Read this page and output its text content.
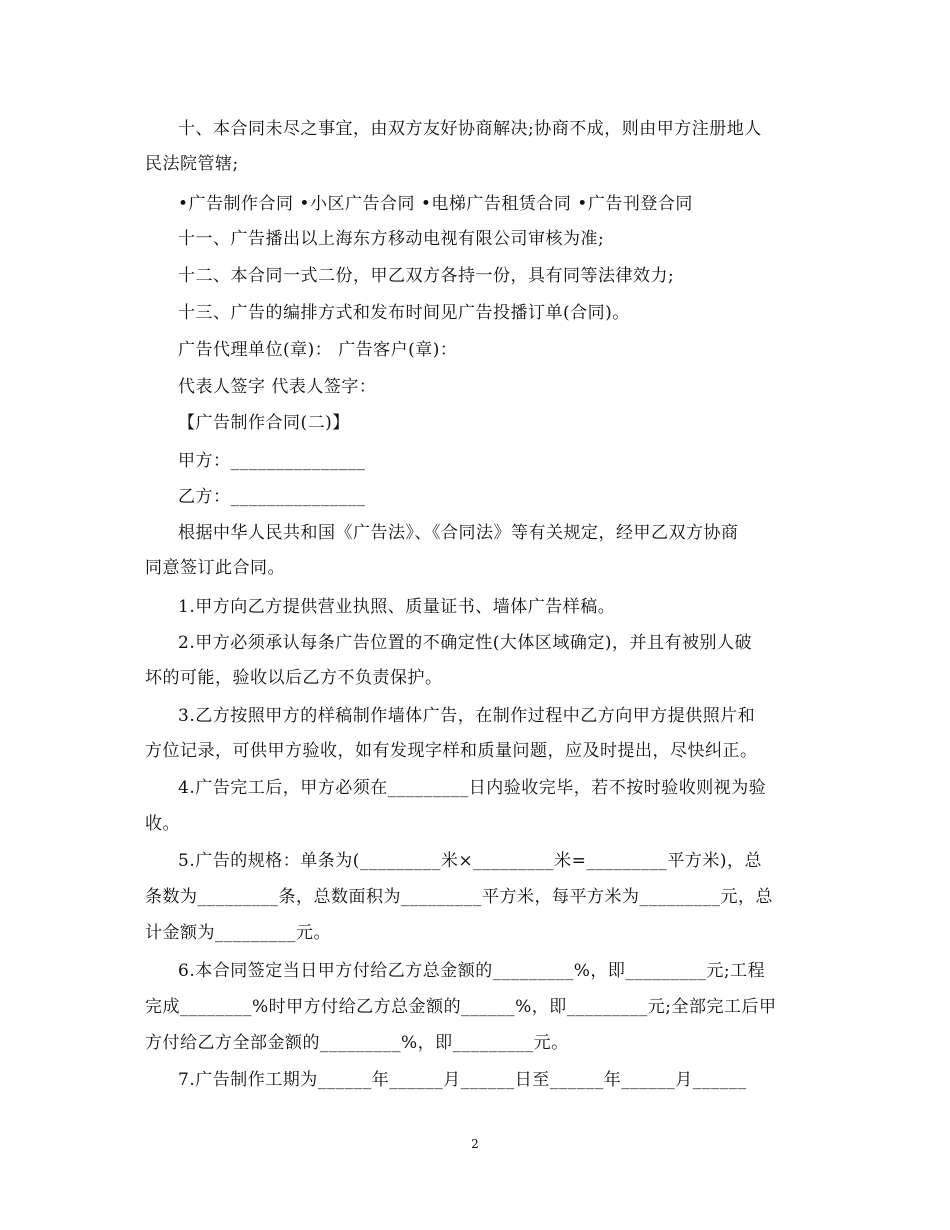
十、本合同未尽之事宜，由双方友好协商解决;协商不成，则由甲方注册地人
民法院管辖;
•广告制作合同 •小区广告合同 •电梯广告租赁合同 •广告刊登合同
十一、广告播出以上海东方移动电视有限公司审核为准;
十二、本合同一式二份，甲乙双方各持一份，具有同等法律效力;
十三、广告的编排方式和发布时间见广告投播订单(合同)。
广告代理单位(章)： 广告客户(章)：
代表人签字 代表人签字：
【广告制作合同(二)】
甲方：_______________
乙方：_______________
根据中华人民共和国《广告法》、《合同法》等有关规定，经甲乙双方协商
同意签订此合同。
1.甲方向乙方提供营业执照、质量证书、墙体广告样稿。
2.甲方必须承认每条广告位置的不确定性(大体区域确定)，并且有被别人破
坏的可能，验收以后乙方不负责保护。
3.乙方按照甲方的样稿制作墙体广告，在制作过程中乙方向甲方提供照片和
方位记录，可供甲方验收，如有发现字样和质量问题，应及时提出，尽快纠正。
4.广告完工后，甲方必须在_________日内验收完毕，若不按时验收则视为验
收。
5.广告的规格：单条为(_________米×_________米=_________平方米)，总
条数为_________条，总数面积为_________平方米，每平方米为_________元，总
计金额为_________元。
6.本合同签定当日甲方付给乙方总金额的_________%，即_________元;工程
完成________%时甲方付给乙方总金额的______%，即_________元;全部完工后甲
方付给乙方全部金额的_________%，即_________元。
7.广告制作工期为______年______月______日至______年______月______
2
